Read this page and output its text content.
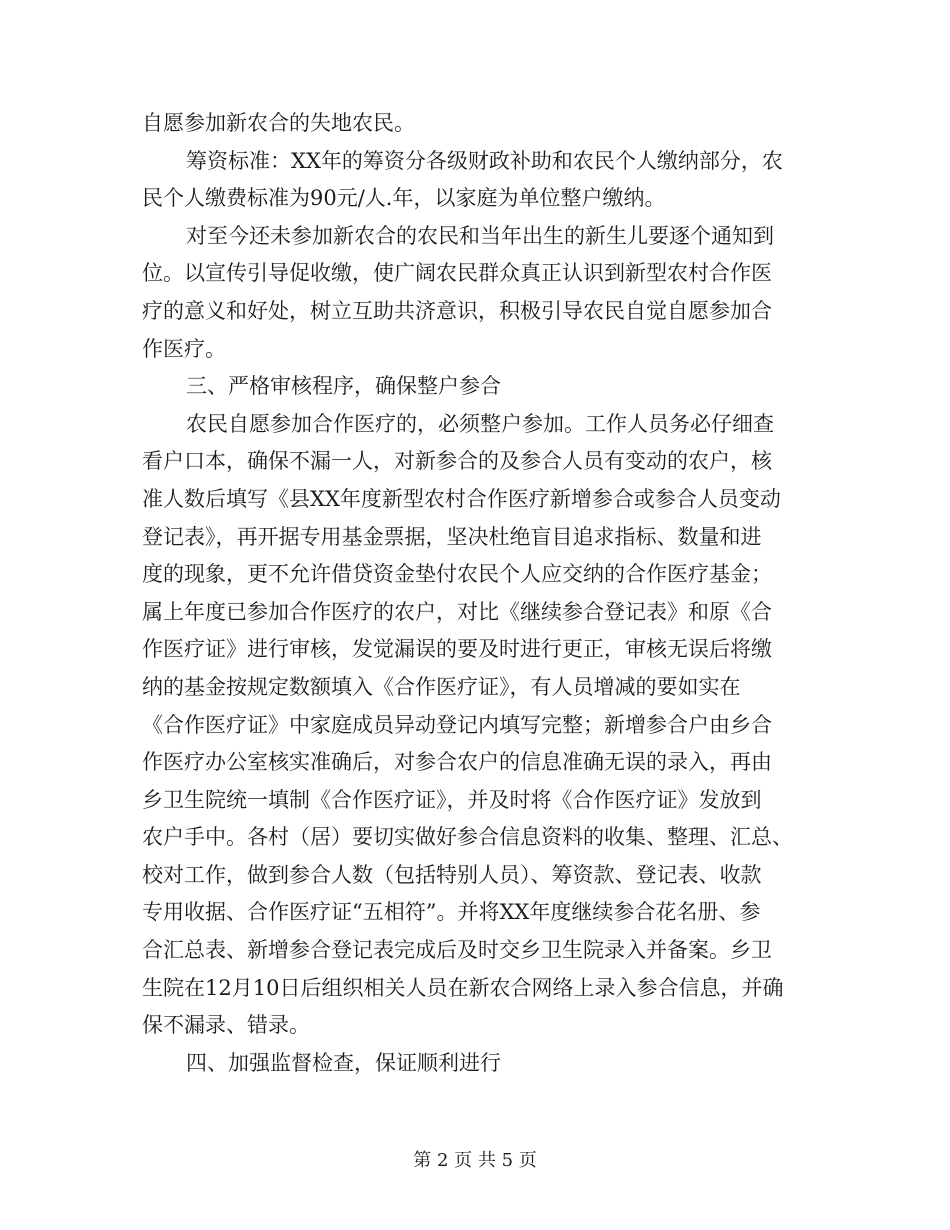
自愿参加新农合的失地农民。
筹资标准：XX年的筹资分各级财政补助和农民个人缴纳部分，农
民个人缴费标准为90元/人.年，以家庭为单位整户缴纳。
对至今还未参加新农合的农民和当年出生的新生儿要逐个通知到
位。以宣传引导促收缴，使广阔农民群众真正认识到新型农村合作医
疗的意义和好处，树立互助共济意识，积极引导农民自觉自愿参加合
作医疗。
三、严格审核程序，确保整户参合
农民自愿参加合作医疗的，必须整户参加。工作人员务必仔细查
看户口本，确保不漏一人，对新参合的及参合人员有变动的农户，核
准人数后填写《县XX年度新型农村合作医疗新增参合或参合人员变动
登记表》，再开据专用基金票据，坚决杜绝盲目追求指标、数量和进
度的现象，更不允许借贷资金垫付农民个人应交纳的合作医疗基金；
属上年度已参加合作医疗的农户，对比《继续参合登记表》和原《合
作医疗证》进行审核，发觉漏误的要及时进行更正，审核无误后将缴
纳的基金按规定数额填入《合作医疗证》，有人员增减的要如实在
《合作医疗证》中家庭成员异动登记内填写完整；新增参合户由乡合
作医疗办公室核实准确后，对参合农户的信息准确无误的录入，再由
乡卫生院统一填制《合作医疗证》，并及时将《合作医疗证》发放到
农户手中。各村（居）要切实做好参合信息资料的收集、整理、汇总、
校对工作，做到参合人数（包括特别人员）、筹资款、登记表、收款
专用收据、合作医疗证“五相符”。并将XX年度继续参合花名册、参
合汇总表、新增参合登记表完成后及时交乡卫生院录入并备案。乡卫
生院在12月10日后组织相关人员在新农合网络上录入参合信息，并确
保不漏录、错录。
四、加强监督检查，保证顺利进行
第 2 页 共 5 页
